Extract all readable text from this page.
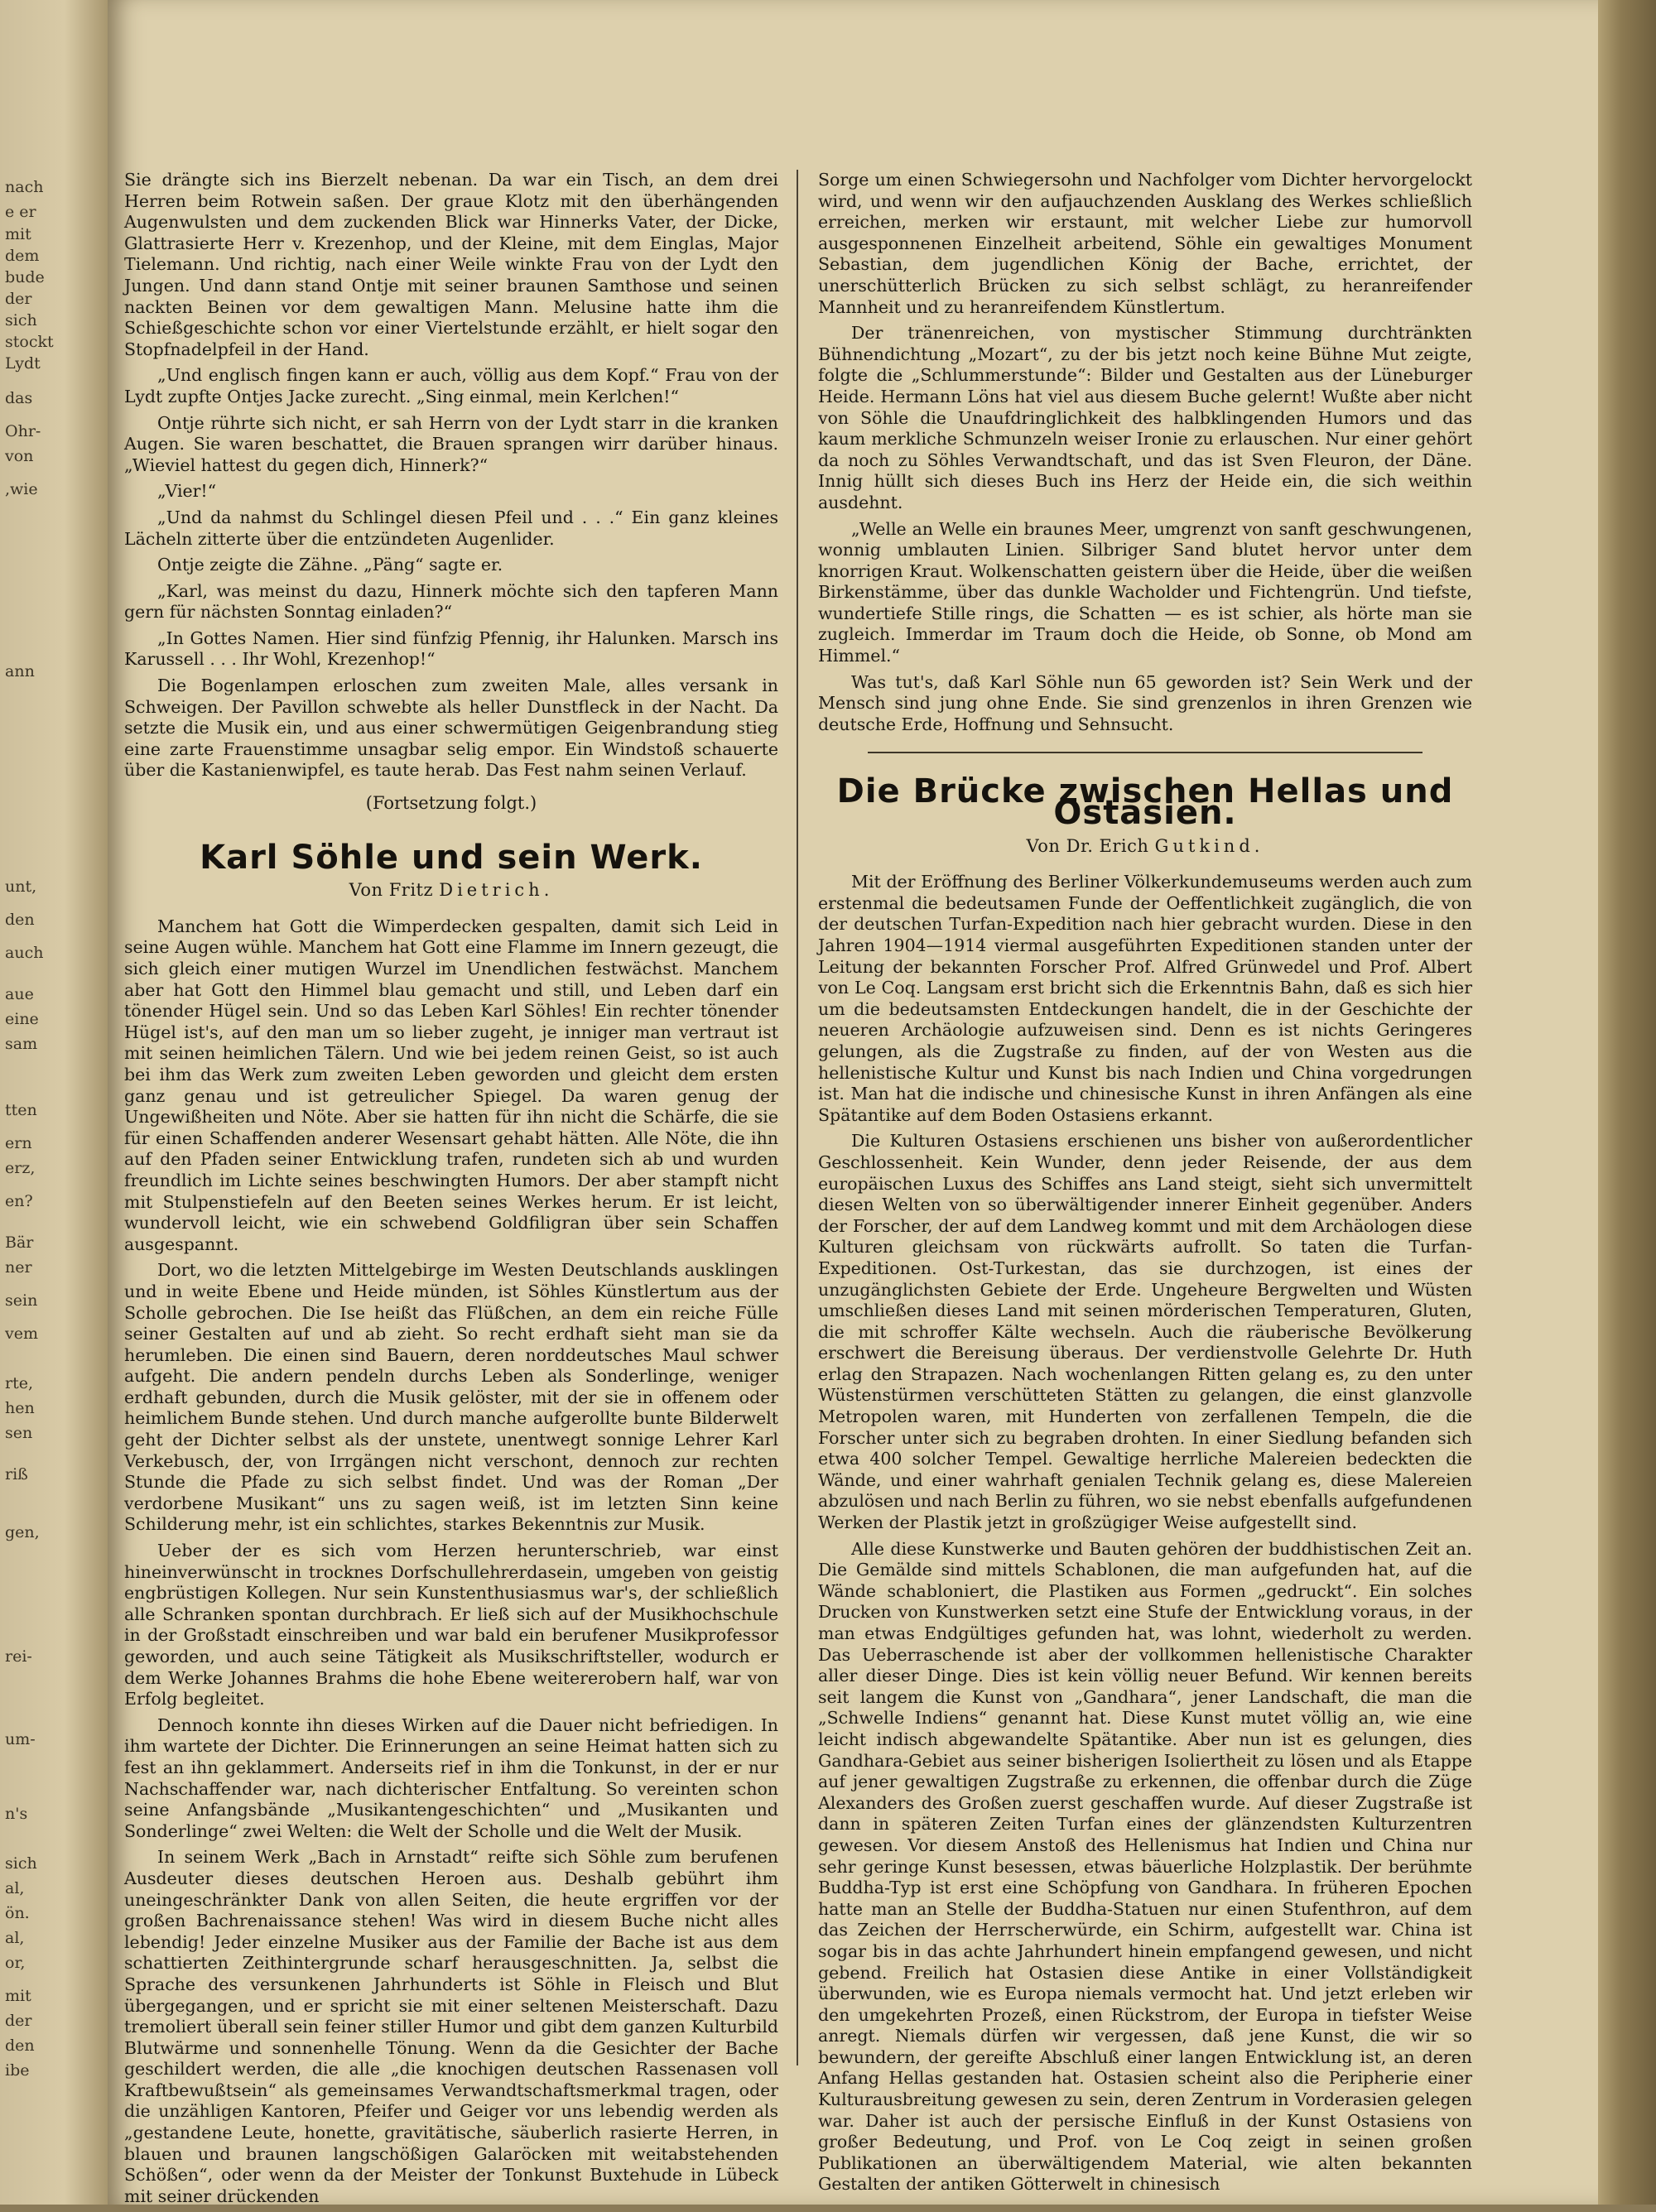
nach
e er
mit
dem
bude
der
sich
stockt
Lydt
das
Ohr-
von
,wie
ann
unt,
den
auch
aue
eine
sam
tten
ern
erz,
en?
Bär
ner
sein
vem
rte,
hen
sen
riß
gen,
rei-
um-
n's
sich
al,
ön.
al,
or,
mit
der
den
ibe

Sie drängte sich ins Bierzelt nebenan. Da war ein Tisch, an dem drei Herren beim Rotwein saßen. Der graue Klotz mit den überhängenden Augenwulsten und dem zuckenden Blick war Hinnerks Vater, der Dicke, Glattrasierte Herr v. Krezenhop, und der Kleine, mit dem Einglas, Major Tielemann. Und richtig, nach einer Weile winkte Frau von der Lydt den Jungen. Und dann stand Ontje mit seiner braunen Samthose und seinen nackten Beinen vor dem gewaltigen Mann. Melusine hatte ihm die Schießgeschichte schon vor einer Viertelstunde erzählt, er hielt sogar den Stopfnadelpfeil in der Hand.

„Und englisch fingen kann er auch, völlig aus dem Kopf.“ Frau von der Lydt zupfte Ontjes Jacke zurecht. „Sing einmal, mein Kerlchen!“

Ontje rührte sich nicht, er sah Herrn von der Lydt starr in die kranken Augen. Sie waren beschattet, die Brauen sprangen wirr darüber hinaus. „Wieviel hattest du gegen dich, Hinnerk?“

„Vier!“

„Und da nahmst du Schlingel diesen Pfeil und . . .“ Ein ganz kleines Lächeln zitterte über die entzündeten Augenlider.

Ontje zeigte die Zähne. „Päng“ sagte er.

„Karl, was meinst du dazu, Hinnerk möchte sich den tapferen Mann gern für nächsten Sonntag einladen?“

„In Gottes Namen. Hier sind fünfzig Pfennig, ihr Halunken. Marsch ins Karussell . . . Ihr Wohl, Krezenhop!“

Die Bogenlampen erloschen zum zweiten Male, alles versank in Schweigen. Der Pavillon schwebte als heller Dunstfleck in der Nacht. Da setzte die Musik ein, und aus einer schwermütigen Geigenbrandung stieg eine zarte Frauenstimme unsagbar selig empor. Ein Windstoß schauerte über die Kastanienwipfel, es taute herab. Das Fest nahm seinen Verlauf.

(Fortsetzung folgt.)
Karl Söhle und sein Werk.
Von Fritz Dietrich.

Manchem hat Gott die Wimperdecken gespalten, damit sich Leid in seine Augen wühle. Manchem hat Gott eine Flamme im Innern gezeugt, die sich gleich einer mutigen Wurzel im Unendlichen festwächst. Manchem aber hat Gott den Himmel blau gemacht und still, und Leben darf ein tönender Hügel sein. Und so das Leben Karl Söhles! Ein rechter tönender Hügel ist's, auf den man um so lieber zugeht, je inniger man vertraut ist mit seinen heimlichen Tälern. Und wie bei jedem reinen Geist, so ist auch bei ihm das Werk zum zweiten Leben geworden und gleicht dem ersten ganz genau und ist getreulicher Spiegel. Da waren genug der Ungewißheiten und Nöte. Aber sie hatten für ihn nicht die Schärfe, die sie für einen Schaffenden anderer Wesensart gehabt hätten. Alle Nöte, die ihn auf den Pfaden seiner Entwicklung trafen, rundeten sich ab und wurden freundlich im Lichte seines beschwingten Humors. Der aber stampft nicht mit Stulpenstiefeln auf den Beeten seines Werkes herum. Er ist leicht, wundervoll leicht, wie ein schwebend Goldfiligran über sein Schaffen ausgespannt.

Dort, wo die letzten Mittelgebirge im Westen Deutschlands ausklingen und in weite Ebene und Heide münden, ist Söhles Künstlertum aus der Scholle gebrochen. Die Ise heißt das Flüßchen, an dem ein reiche Fülle seiner Gestalten auf und ab zieht. So recht erdhaft sieht man sie da herumleben. Die einen sind Bauern, deren norddeutsches Maul schwer aufgeht. Die andern pendeln durchs Leben als Sonderlinge, weniger erdhaft gebunden, durch die Musik gelöster, mit der sie in offenem oder heimlichem Bunde stehen. Und durch manche aufgerollte bunte Bilderwelt geht der Dichter selbst als der unstete, unentwegt sonnige Lehrer Karl Verkebusch, der, von Irrgängen nicht verschont, dennoch zur rechten Stunde die Pfade zu sich selbst findet. Und was der Roman „Der verdorbene Musikant“ uns zu sagen weiß, ist im letzten Sinn keine Schilderung mehr, ist ein schlichtes, starkes Bekenntnis zur Musik.

Ueber der es sich vom Herzen herunterschrieb, war einst hineinverwünscht in trocknes Dorfschullehrerdasein, umgeben von geistig engbrüstigen Kollegen. Nur sein Kunstenthusiasmus war's, der schließlich alle Schranken spontan durchbrach. Er ließ sich auf der Musikhochschule in der Großstadt einschreiben und war bald ein berufener Musikprofessor geworden, und auch seine Tätigkeit als Musikschriftsteller, wodurch er dem Werke Johannes Brahms die hohe Ebene weitererobern half, war von Erfolg begleitet.

Dennoch konnte ihn dieses Wirken auf die Dauer nicht befriedigen. In ihm wartete der Dichter. Die Erinnerungen an seine Heimat hatten sich zu fest an ihn geklammert. Anderseits rief in ihm die Tonkunst, in der er nur Nachschaffender war, nach dichterischer Entfaltung. So vereinten schon seine Anfangsbände „Musikantengeschichten“ und „Musikanten und Sonderlinge“ zwei Welten: die Welt der Scholle und die Welt der Musik.

In seinem Werk „Bach in Arnstadt“ reifte sich Söhle zum berufenen Ausdeuter dieses deutschen Heroen aus. Deshalb gebührt ihm uneingeschränkter Dank von allen Seiten, die heute ergriffen vor der großen Bachrenaissance stehen! Was wird in diesem Buche nicht alles lebendig! Jeder einzelne Musiker aus der Familie der Bache ist aus dem schattierten Zeithintergrunde scharf herausgeschnitten. Ja, selbst die Sprache des versunkenen Jahrhunderts ist Söhle in Fleisch und Blut übergegangen, und er spricht sie mit einer seltenen Meisterschaft. Dazu tremoliert überall sein feiner stiller Humor und gibt dem ganzen Kulturbild Blutwärme und sonnenhelle Tönung. Wenn da die Gesichter der Bache geschildert werden, die alle „die knochigen deutschen Rassenasen voll Kraftbewußtsein“ als gemeinsames Verwandtschaftsmerkmal tragen, oder die unzähligen Kantoren, Pfeifer und Geiger vor uns lebendig werden als „gestandene Leute, honette, gravitätische, säuberlich rasierte Herren, in blauen und braunen langschößigen Galaröcken mit weitabstehenden Schößen“, oder wenn da der Meister der Tonkunst Buxtehude in Lübeck mit seiner drückenden

Sorge um einen Schwiegersohn und Nachfolger vom Dichter hervorgelockt wird, und wenn wir den aufjauchzenden Ausklang des Werkes schließlich erreichen, merken wir erstaunt, mit welcher Liebe zur humorvoll ausgesponnenen Einzelheit arbeitend, Söhle ein gewaltiges Monument Sebastian, dem jugendlichen König der Bache, errichtet, der unerschütterlich Brücken zu sich selbst schlägt, zu heranreifender Mannheit und zu heranreifendem Künstlertum.

Der tränenreichen, von mystischer Stimmung durchtränkten Bühnendichtung „Mozart“, zu der bis jetzt noch keine Bühne Mut zeigte, folgte die „Schlummerstunde“: Bilder und Gestalten aus der Lüneburger Heide. Hermann Löns hat viel aus diesem Buche gelernt! Wußte aber nicht von Söhle die Unaufdringlichkeit des halbklingenden Humors und das kaum merkliche Schmunzeln weiser Ironie zu erlauschen. Nur einer gehört da noch zu Söhles Verwandtschaft, und das ist Sven Fleuron, der Däne. Innig hüllt sich dieses Buch ins Herz der Heide ein, die sich weithin ausdehnt.

„Welle an Welle ein braunes Meer, umgrenzt von sanft geschwungenen, wonnig umblauten Linien. Silbriger Sand blutet hervor unter dem knorrigen Kraut. Wolkenschatten geistern über die Heide, über die weißen Birkenstämme, über das dunkle Wacholder und Fichtengrün. Und tiefste, wundertiefe Stille rings, die Schatten — es ist schier, als hörte man sie zugleich. Immerdar im Traum doch die Heide, ob Sonne, ob Mond am Himmel.“

Was tut's, daß Karl Söhle nun 65 geworden ist? Sein Werk und der Mensch sind jung ohne Ende. Sie sind grenzenlos in ihren Grenzen wie deutsche Erde, Hoffnung und Sehnsucht.

Die Brücke zwischen Hellas und Ostasien.
Von Dr. Erich Gutkind.

Mit der Eröffnung des Berliner Völkerkundemuseums werden auch zum erstenmal die bedeutsamen Funde der Oeffentlichkeit zugänglich, die von der deutschen Turfan-Expedition nach hier gebracht wurden. Diese in den Jahren 1904—1914 viermal ausgeführten Expeditionen standen unter der Leitung der bekannten Forscher Prof. Alfred Grünwedel und Prof. Albert von Le Coq. Langsam erst bricht sich die Erkenntnis Bahn, daß es sich hier um die bedeutsamsten Entdeckungen handelt, die in der Geschichte der neueren Archäologie aufzuweisen sind. Denn es ist nichts Geringeres gelungen, als die Zugstraße zu finden, auf der von Westen aus die hellenistische Kultur und Kunst bis nach Indien und China vorgedrungen ist. Man hat die indische und chinesische Kunst in ihren Anfängen als eine Spätantike auf dem Boden Ostasiens erkannt.

Die Kulturen Ostasiens erschienen uns bisher von außerordentlicher Geschlossenheit. Kein Wunder, denn jeder Reisende, der aus dem europäischen Luxus des Schiffes ans Land steigt, sieht sich unvermittelt diesen Welten von so überwältigender innerer Einheit gegenüber. Anders der Forscher, der auf dem Landweg kommt und mit dem Archäologen diese Kulturen gleichsam von rückwärts aufrollt. So taten die Turfan-Expeditionen. Ost-Turkestan, das sie durchzogen, ist eines der unzugänglichsten Gebiete der Erde. Ungeheure Bergwelten und Wüsten umschließen dieses Land mit seinen mörderischen Temperaturen, Gluten, die mit schroffer Kälte wechseln. Auch die räuberische Bevölkerung erschwert die Bereisung überaus. Der verdienstvolle Gelehrte Dr. Huth erlag den Strapazen. Nach wochenlangen Ritten gelang es, zu den unter Wüstenstürmen verschütteten Stätten zu gelangen, die einst glanzvolle Metropolen waren, mit Hunderten von zerfallenen Tempeln, die die Forscher unter sich zu begraben drohten. In einer Siedlung befanden sich etwa 400 solcher Tempel. Gewaltige herrliche Malereien bedeckten die Wände, und einer wahrhaft genialen Technik gelang es, diese Malereien abzulösen und nach Berlin zu führen, wo sie nebst ebenfalls aufgefundenen Werken der Plastik jetzt in großzügiger Weise aufgestellt sind.

Alle diese Kunstwerke und Bauten gehören der buddhistischen Zeit an. Die Gemälde sind mittels Schablonen, die man aufgefunden hat, auf die Wände schabloniert, die Plastiken aus Formen „gedruckt“. Ein solches Drucken von Kunstwerken setzt eine Stufe der Entwicklung voraus, in der man etwas Endgültiges gefunden hat, was lohnt, wiederholt zu werden. Das Ueberraschende ist aber der vollkommen hellenistische Charakter aller dieser Dinge. Dies ist kein völlig neuer Befund. Wir kennen bereits seit langem die Kunst von „Gandhara“, jener Landschaft, die man die „Schwelle Indiens“ genannt hat. Diese Kunst mutet völlig an, wie eine leicht indisch abgewandelte Spätantike. Aber nun ist es gelungen, dies Gandhara-Gebiet aus seiner bisherigen Isoliertheit zu lösen und als Etappe auf jener gewaltigen Zugstraße zu erkennen, die offenbar durch die Züge Alexanders des Großen zuerst geschaffen wurde. Auf dieser Zugstraße ist dann in späteren Zeiten Turfan eines der glänzendsten Kulturzentren gewesen. Vor diesem Anstoß des Hellenismus hat Indien und China nur sehr geringe Kunst besessen, etwas bäuerliche Holzplastik. Der berühmte Buddha-Typ ist erst eine Schöpfung von Gandhara. In früheren Epochen hatte man an Stelle der Buddha-Statuen nur einen Stufenthron, auf dem das Zeichen der Herrscherwürde, ein Schirm, aufgestellt war. China ist sogar bis in das achte Jahrhundert hinein empfangend gewesen, und nicht gebend. Freilich hat Ostasien diese Antike in einer Vollständigkeit überwunden, wie es Europa niemals vermocht hat. Und jetzt erleben wir den umgekehrten Prozeß, einen Rückstrom, der Europa in tiefster Weise anregt. Niemals dürfen wir vergessen, daß jene Kunst, die wir so bewundern, der gereifte Abschluß einer langen Entwicklung ist, an deren Anfang Hellas gestanden hat. Ostasien scheint also die Peripherie einer Kulturausbreitung gewesen zu sein, deren Zentrum in Vorderasien gelegen war. Daher ist auch der persische Einfluß in der Kunst Ostasiens von großer Bedeutung, und Prof. von Le Coq zeigt in seinen großen Publikationen an überwältigendem Material, wie alten bekannten Gestalten der antiken Götterwelt in chinesisch
